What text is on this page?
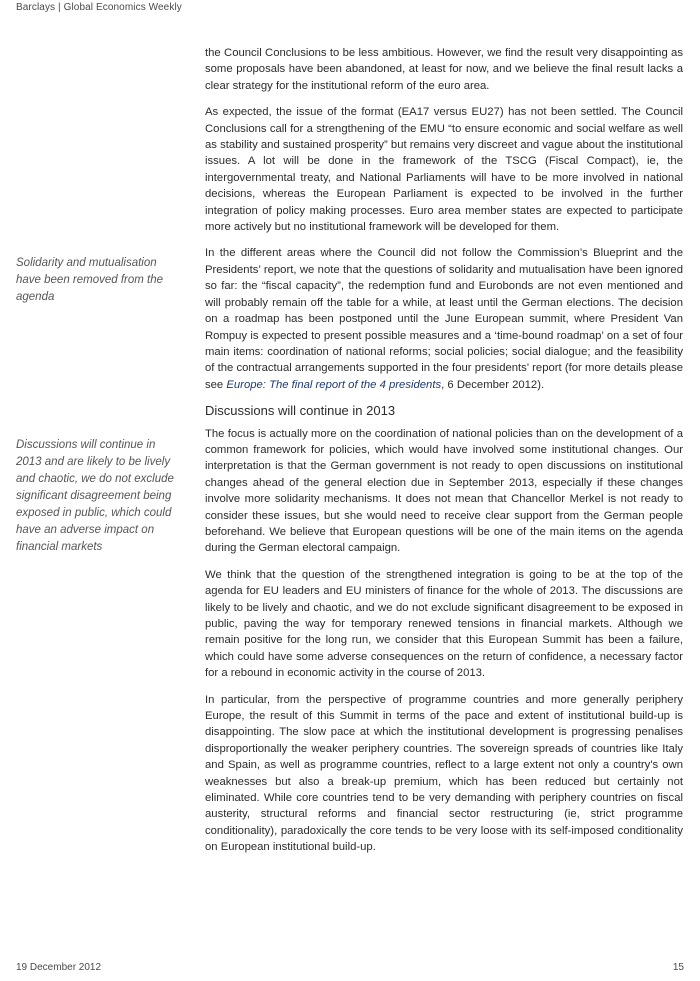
Barclays | Global Economics Weekly
Solidarity and mutualisation have been removed from the agenda
Discussions will continue in 2013 and are likely to be lively and chaotic, we do not exclude significant disagreement being exposed in public, which could have an adverse impact on financial markets

the Council Conclusions to be less ambitious. However, we find the result very disappointing as some proposals have been abandoned, at least for now, and we believe the final result lacks a clear strategy for the institutional reform of the euro area.

As expected, the issue of the format (EA17 versus EU27) has not been settled. The Council Conclusions call for a strengthening of the EMU “to ensure economic and social welfare as well as stability and sustained prosperity” but remains very discreet and vague about the institutional issues. A lot will be done in the framework of the TSCG (Fiscal Compact), ie, the intergovernmental treaty, and National Parliaments will have to be more involved in national decisions, whereas the European Parliament is expected to be involved in the further integration of policy making processes. Euro area member states are expected to participate more actively but no institutional framework will be developed for them.

In the different areas where the Council did not follow the Commission’s Blueprint and the Presidents’ report, we note that the questions of solidarity and mutualisation have been ignored so far: the “fiscal capacity”, the redemption fund and Eurobonds are not even mentioned and will probably remain off the table for a while, at least until the German elections. The decision on a roadmap has been postponed until the June European summit, where President Van Rompuy is expected to present possible measures and a ‘time-bound roadmap’ on a set of four main items: coordination of national reforms; social policies; social dialogue; and the feasibility of the contractual arrangements supported in the four presidents' report (for more details please see Europe: The final report of the 4 presidents, 6 December 2012).

Discussions will continue in 2013

The focus is actually more on the coordination of national policies than on the development of a common framework for policies, which would have involved some institutional changes. Our interpretation is that the German government is not ready to open discussions on institutional changes ahead of the general election due in September 2013, especially if these changes involve more solidarity mechanisms. It does not mean that Chancellor Merkel is not ready to consider these issues, but she would need to receive clear support from the German people beforehand. We believe that European questions will be one of the main items on the agenda during the German electoral campaign.

We think that the question of the strengthened integration is going to be at the top of the agenda for EU leaders and EU ministers of finance for the whole of 2013. The discussions are likely to be lively and chaotic, and we do not exclude significant disagreement to be exposed in public, paving the way for temporary renewed tensions in financial markets. Although we remain positive for the long run, we consider that this European Summit has been a failure, which could have some adverse consequences on the return of confidence, a necessary factor for a rebound in economic activity in the course of 2013.

In particular, from the perspective of programme countries and more generally periphery Europe, the result of this Summit in terms of the pace and extent of institutional build-up is disappointing. The slow pace at which the institutional development is progressing penalises disproportionally the weaker periphery countries. The sovereign spreads of countries like Italy and Spain, as well as programme countries, reflect to a large extent not only a country's own weaknesses but also a break-up premium, which has been reduced but certainly not eliminated. While core countries tend to be very demanding with periphery countries on fiscal austerity, structural reforms and financial sector restructuring (ie, strict programme conditionality), paradoxically the core tends to be very loose with its self-imposed conditionality on European institutional build-up.

19 December 2012	15
